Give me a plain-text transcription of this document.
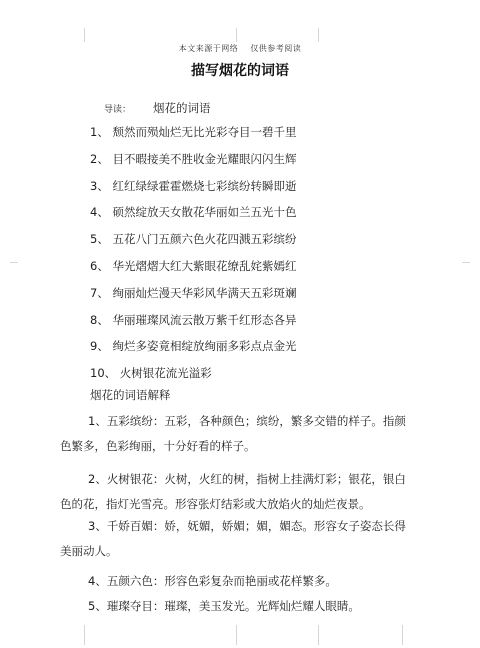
本文来源于网络 仅供参考阅读
描写烟花的词语
导读： 烟花的词语
1、 颓然而殒灿烂无比光彩夺目一碧千里
2、 目不暇接美不胜收金光耀眼闪闪生辉
3、 红红绿绿霍霍燃烧七彩缤纷转瞬即逝
4、 硕然绽放天女散花华丽如兰五光十色
5、 五花八门五颜六色火花四溅五彩缤纷
6、 华光熠熠大红大紫眼花缭乱姹紫嫣红
7、 绚丽灿烂漫天华彩风华满天五彩斑斓
8、 华丽璀璨风流云散万紫千红形态各异
9、 绚烂多姿竟相绽放绚丽多彩点点金光
10、 火树银花流光溢彩
烟花的词语解释
1、五彩缤纷：五彩，各种颜色；缤纷，繁多交错的样子。指颜
色繁多，色彩绚丽，十分好看的样子。
2、火树银花：火树，火红的树，指树上挂满灯彩；银花，银白
色的花，指灯光雪亮。形容张灯结彩或大放焰火的灿烂夜景。
3、千娇百媚：娇，妩媚，娇媚；媚，媚态。形容女子姿态长得
美丽动人。
4、五颜六色：形容色彩复杂而艳丽或花样繁多。
5、璀璨夺目：璀璨，美玉发光。光辉灿烂耀人眼睛。
